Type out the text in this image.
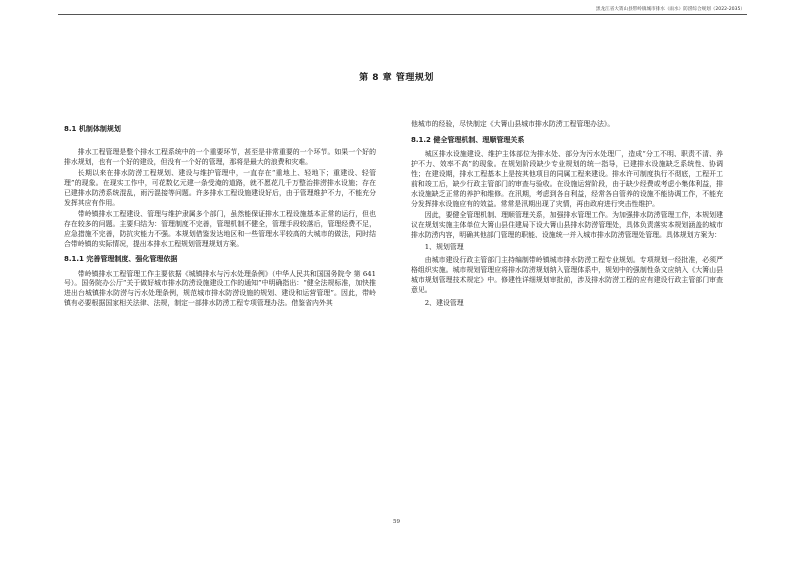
黑龙江省大箐山县带岭镇城市排水（雨水）防涝综合规划（2022-2035）
第 8 章 管理规划
8.1 机制体制规划

排水工程管理是整个排水工程系统中的一个重要环节，甚至是非常重要的一个环节。如果一个好的排水规划，也有一个好的建设，但没有一个好的管理，那将是最大的浪费和灾难。

长期以来在排水防涝工程规划、建设与维护管理中，一直存在“重地上、轻地下；重建设、轻管理”的现象。在现实工作中，可花数亿元建一条受淹的道路，就不愿花几千万整治排涝排水设施；存在已建排水防涝系统混乱，雨污混接等问题。许多排水工程设施建设好后，由于管理维护不力，不能充分发挥其应有作用。

带岭镇排水工程建设、管理与维护隶属多个部门，虽然能保证排水工程设施基本正常的运行，但也存在较多的问题。主要归结为：管理制度不完善，管理机制不健全，管理手段较落后，管理经费不足，应急措施不完善，防抗灾能力不强。本规划借鉴发达地区和一些管理水平较高的大城市的做法，同时结合带岭镇的实际情况，提出本排水工程规划管理规划方案。

8.1.1 完善管理制度、强化管理依据

带岭镇排水工程管理工作主要依据《城镇排水与污水处理条例》（中华人民共和国国务院令 第 641 号）。国务院办公厅“关于做好城市排水防涝设施建设工作的通知”中明确指出：“健全法规标准，加快推进出台城镇排水防涝与污水处理条例，规范城市排水防涝设施的规划、建设和运营管理”。因此，带岭镇有必要根据国家相关法律、法规，制定一部排水防涝工程专项管理办法。借鉴省内外其

他城市的经验，尽快制定《大箐山县城市排水防涝工程管理办法》。

8.1.2 健全管理机制、理顺管理关系

城区排水设施建设、维护主体部位为排水处、部分为污水处理厂，造成“分工不明、职责不清、养护不力、效率不高”的现象。在规划阶段缺少专业规划的统一指导，已建排水设施缺乏系统性、协调性；在建设期，排水工程基本上是按其他项目的同属工程来建设。排水许可制度执行不彻底，工程开工前和竣工后，缺少行政主管部门的审查与验收。在设施运营阶段，由于缺少经费或考虑小集体利益，排水设施缺乏正常的养护和维修。在汛期，考虑到各自利益，经常各自管养的设施不能协调工作，不能充分发挥排水设施应有的效益。常常是汛期出现了灾情，再由政府进行突击性维护。

因此，要健全管理机制、理顺管理关系，加强排水管理工作。为加强排水防涝管理工作，本规划建议在规划实施主体单位大箐山县住建局下设大箐山县排水防涝管理处，具体负责落实本规划涵盖的城市排水防涝内容，明确其他部门管理的职能、设施统一并入城市排水防涝管理处管理。具体规划方案为：

1、规划管理

由城市建设行政主管部门主持编制带岭镇城市排水防涝工程专业规划。专项规划一经批准，必须严格组织实施。城市规划管理应将排水防涝规划纳入管理体系中，规划中的强制性条文应纳入《大箐山县城市规划管理技术规定》中。修建性详细规划审批前，涉及排水防涝工程的应有建设行政主管部门审查意见。

2、建设管理
59
